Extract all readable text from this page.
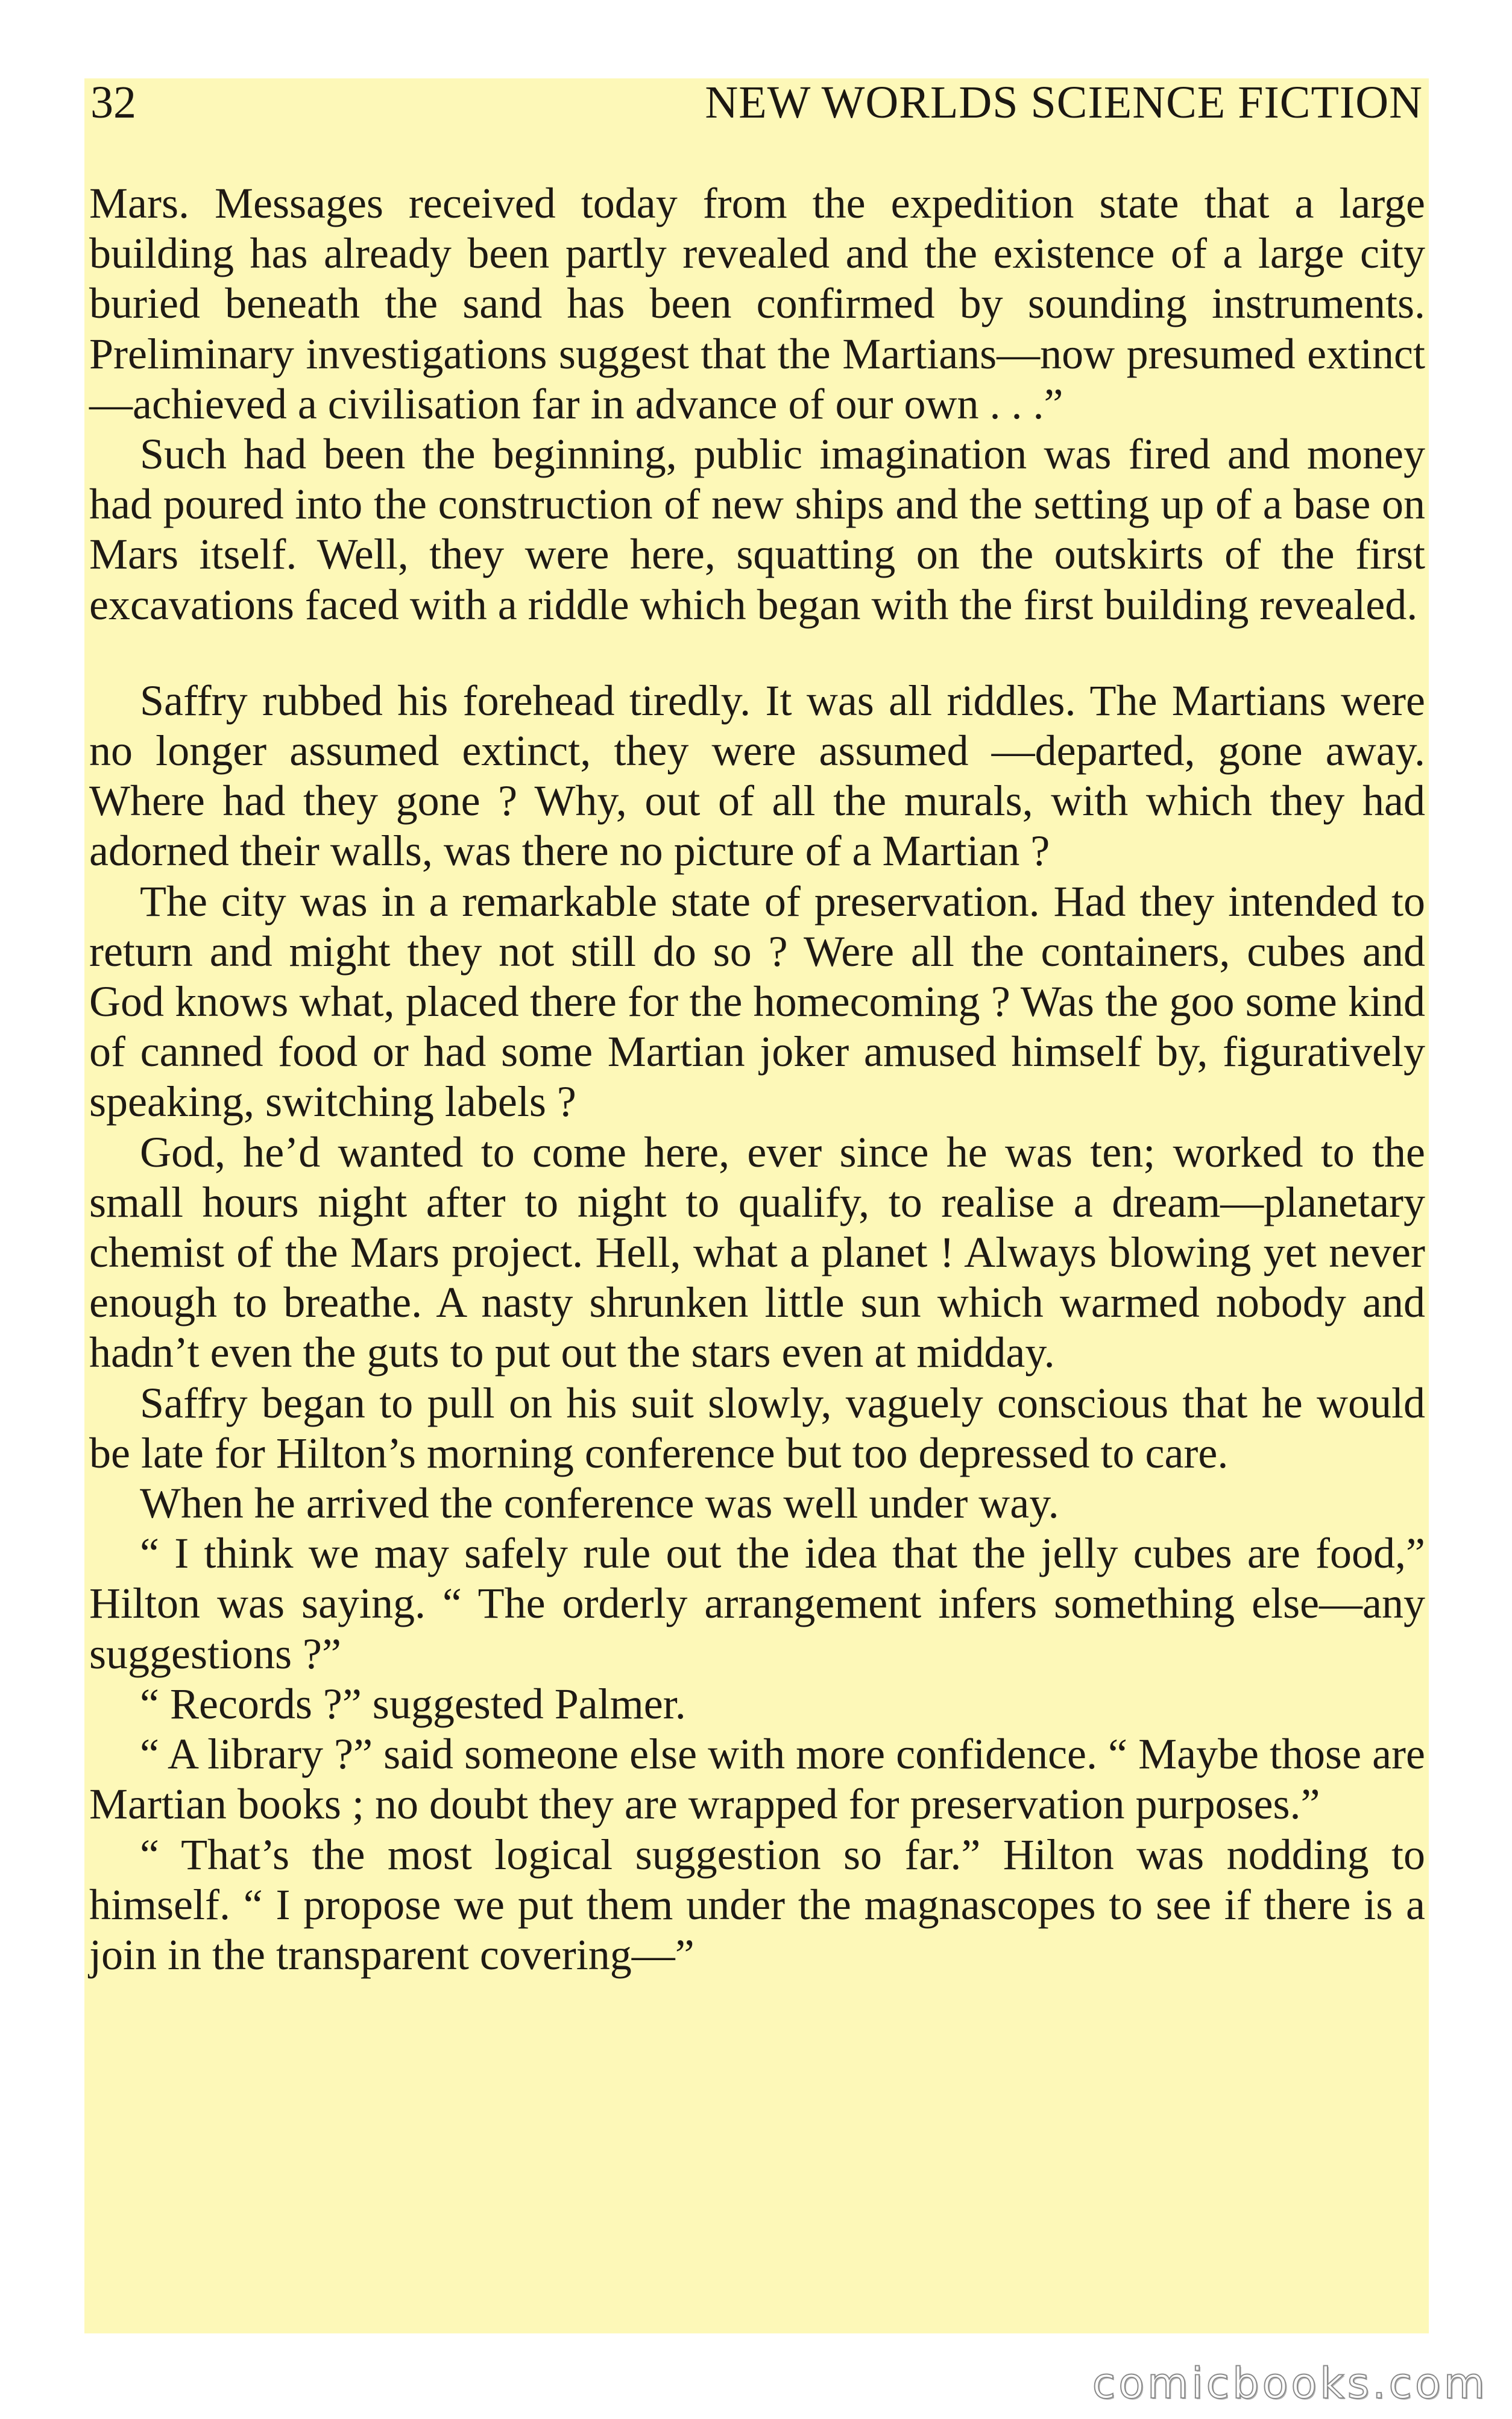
32	NEW WORLDS SCIENCE FICTION

Mars. Messages received today from the expedition state that a large building has already been partly revealed and the existence of a large city buried beneath the sand has been confirmed by sounding instruments. Preliminary investigations suggest that the Martians—now presumed extinct—achieved a civilisation far in advance of our own . . .”

Such had been the beginning, public imagination was fired and money had poured into the construction of new ships and the setting up of a base on Mars itself. Well, they were here, squatting on the outskirts of the first excavations faced with a riddle which began with the first building revealed.

Saffry rubbed his forehead tiredly. It was all riddles. The Martians were no longer assumed extinct, they were assumed —departed, gone away. Where had they gone ? Why, out of all the murals, with which they had adorned their walls, was there no picture of a Martian ?

The city was in a remarkable state of preservation. Had they intended to return and might they not still do so ? Were all the containers, cubes and God knows what, placed there for the homecoming ? Was the goo some kind of canned food or had some Martian joker amused himself by, figuratively speaking, switching labels ?

God, he’d wanted to come here, ever since he was ten; worked to the small hours night after to night to qualify, to realise a dream—planetary chemist of the Mars project. Hell, what a planet ! Always blowing yet never enough to breathe. A nasty shrunken little sun which warmed nobody and hadn’t even the guts to put out the stars even at midday.

Saffry began to pull on his suit slowly, vaguely conscious that he would be late for Hilton’s morning conference but too depressed to care.

When he arrived the conference was well under way.

“ I think we may safely rule out the idea that the jelly cubes are food,” Hilton was saying. “ The orderly arrangement infers something else—any suggestions ?”

“ Records ?” suggested Palmer.

“ A library ?” said someone else with more confidence. “ Maybe those are Martian books ; no doubt they are wrapped for preservation purposes.”

“ That’s the most logical suggestion so far.” Hilton was nodding to himself. “ I propose we put them under the magnascopes to see if there is a join in the transparent covering—”

comicbooks.com
